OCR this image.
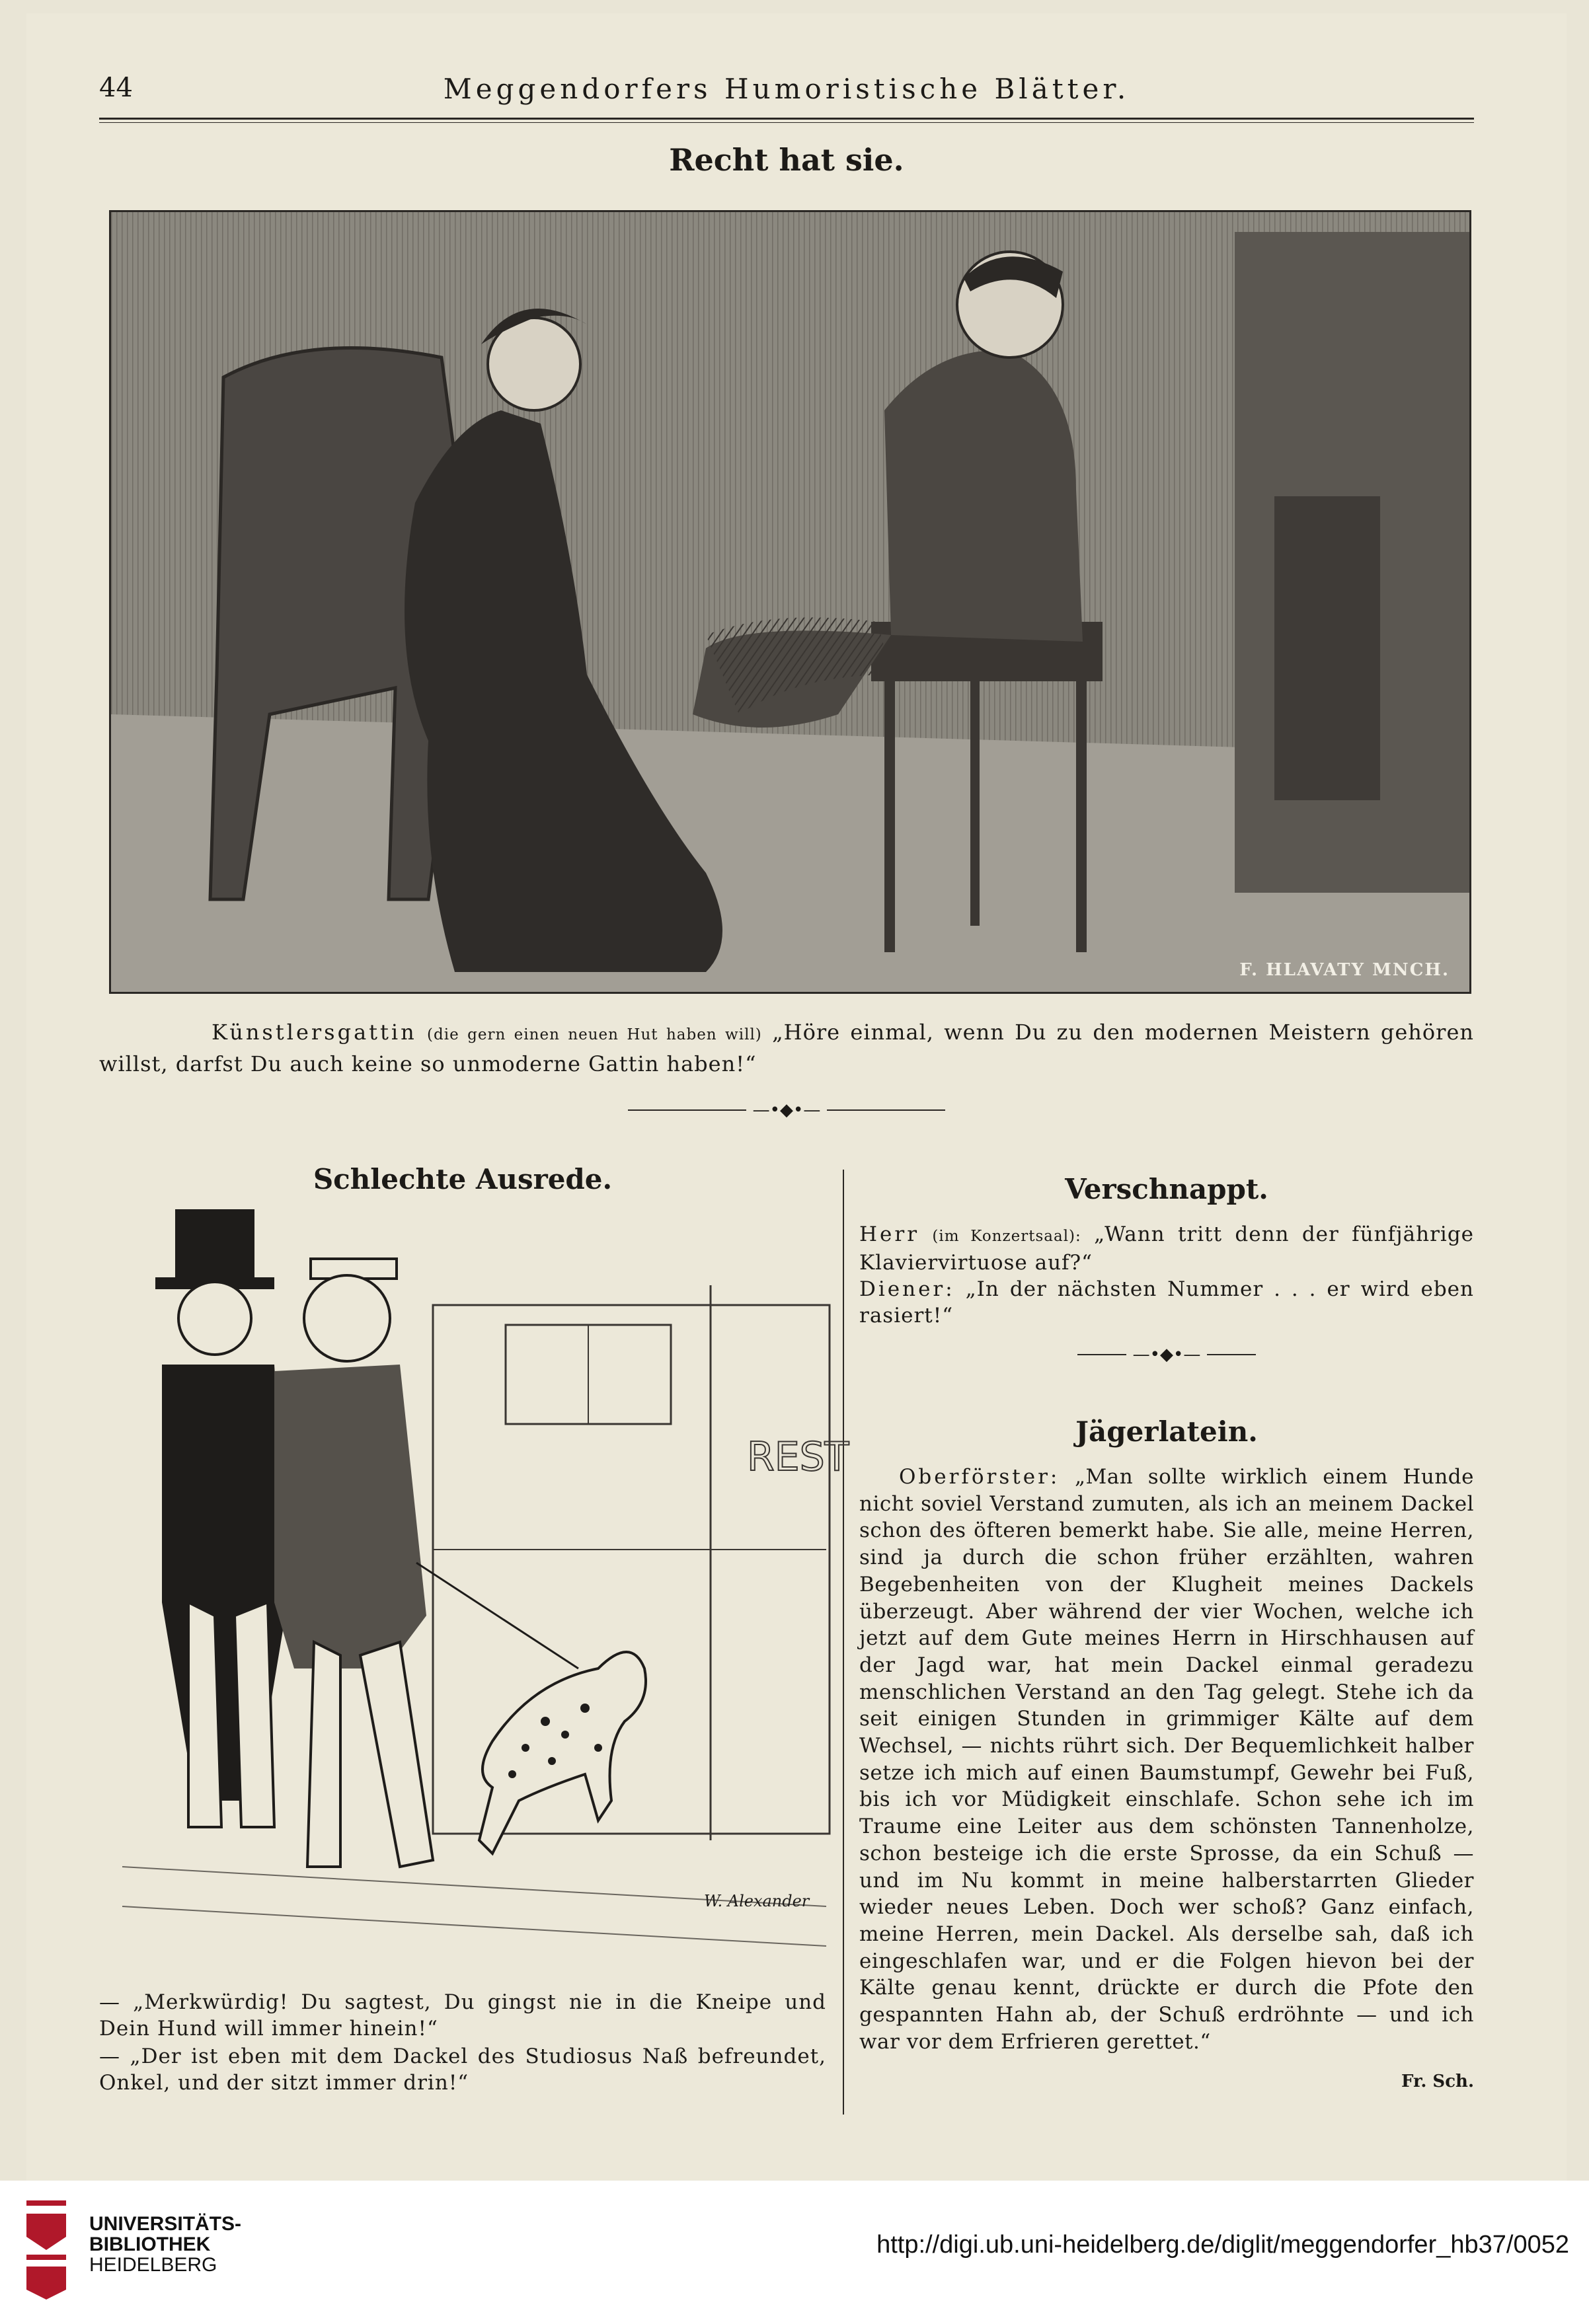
44	Meggendorfers Humoristische Blätter.
Recht hat sie.
F. HLAVATY MNCH.
Künstlersgattin (die gern einen neuen Hut haben will) „Höre einmal, wenn Du zu den modernen Meistern gehören willst, darfst Du auch keine so unmoderne Gattin haben!“
—•◆•—
Schlechte Ausrede.
REST
W. Alexander

— „Merkwürdig! Du sagtest, Du gingst nie in die Kneipe und Dein Hund will immer hinein!“

— „Der ist eben mit dem Dackel des Studiosus Naß befreundet, Onkel, und der sitzt immer drin!“

Verschnappt.

Herr (im Konzertsaal): „Wann tritt denn der fünfjährige Klaviervirtuose auf?“

Diener: „In der nächsten Nummer . . . er wird eben rasiert!“

—•◆•—
Jägerlatein.
Oberförster: „Man sollte wirklich einem Hunde nicht soviel Verstand zumuten, als ich an meinem Dackel schon des öfteren bemerkt habe. Sie alle, meine Herren, sind ja durch die schon früher erzählten, wahren Begebenheiten von der Klugheit meines Dackels überzeugt. Aber während der vier Wochen, welche ich jetzt auf dem Gute meines Herrn in Hirschhausen auf der Jagd war, hat mein Dackel einmal geradezu menschlichen Verstand an den Tag gelegt. Stehe ich da seit einigen Stunden in grimmiger Kälte auf dem Wechsel, — nichts rührt sich. Der Bequemlichkeit halber setze ich mich auf einen Baumstumpf, Gewehr bei Fuß, bis ich vor Müdigkeit einschlafe. Schon sehe ich im Traume eine Leiter aus dem schönsten Tannenholze, schon besteige ich die erste Sprosse, da ein Schuß — und im Nu kommt in meine halberstarrten Glieder wieder neues Leben. Doch wer schoß? Ganz einfach, meine Herren, mein Dackel. Als derselbe sah, daß ich eingeschlafen war, und er die Folgen hievon bei der Kälte genau kennt, drückte er durch die Pfote den gespannten Hahn ab, der Schuß erdröhnte — und ich war vor dem Erfrieren gerettet.“
Fr. Sch.
UNIVERSITÄTS-
BIBLIOTHEK
HEIDELBERG
http://digi.ub.uni-heidelberg.de/diglit/meggendorfer_hb37/0052
